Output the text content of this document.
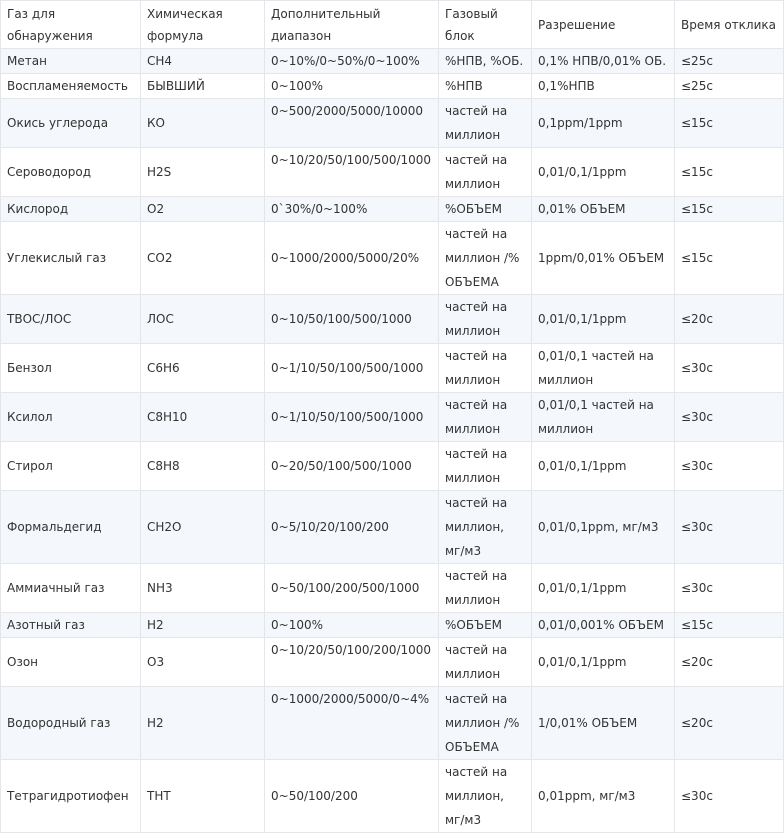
Газ для обнаружения	Химическая формула	Дополнительный диапазон	Газовый блок	Разрешение	Время отклика
Метан	CH4	0~10%/0~50%/0~100%	%НПВ, %ОБ.	0,1% НПВ/0,01% ОБ.	≤25с
Воспламеняемость	БЫВШИЙ	0~100%	%НПВ	0,1%НПВ	≤25с
Окись углерода	КО	0~500/2000/5000/10000	частей на миллион	0,1ppm/1ppm	≤15с
Сероводород	H2S	0~10/20/50/100/500/1000	частей на миллион	0,01/0,1/1ppm	≤15с
Кислород	O2	0`30%/0~100%	%ОБЪЕМ	0,01% ОБЪЕМ	≤15с
Углекислый газ	CO2	0~1000/2000/5000/20%	частей на миллион /% ОБЪЕМА	1ppm/0,01% ОБЪЕМ	≤15с
ТВОС/ЛОС	ЛОС	0~10/50/100/500/1000	частей на миллион	0,01/0,1/1ppm	≤20с
Бензол	C6H6	0~1/10/50/100/500/1000	частей на миллион	0,01/0,1 частей на миллион	≤30с
Ксилол	C8H10	0~1/10/50/100/500/1000	частей на миллион	0,01/0,1 частей на миллион	≤30с
Стирол	C8H8	0~20/50/100/500/1000	частей на миллион	0,01/0,1/1ppm	≤30с
Формальдегид	CH2O	0~5/10/20/100/200	частей на миллион, мг/м3	0,01/0,1ppm, мг/м3	≤30с
Аммиачный газ	NH3	0~50/100/200/500/1000	частей на миллион	0,01/0,1/1ppm	≤30с
Азотный газ	H2	0~100%	%ОБЪЕМ	0,01/0,001% ОБЪЕМ	≤15с
Озон	O3	0~10/20/50/100/200/1000	частей на миллион	0,01/0,1/1ppm	≤20с
Водородный газ	H2	0~1000/2000/5000/0~4%	частей на миллион /% ОБЪЕМА	1/0,01% ОБЪЕМ	≤20с
Тетрагидротиофен	THT	0~50/100/200	частей на миллион, мг/м3	0,01ppm, мг/м3	≤30с
